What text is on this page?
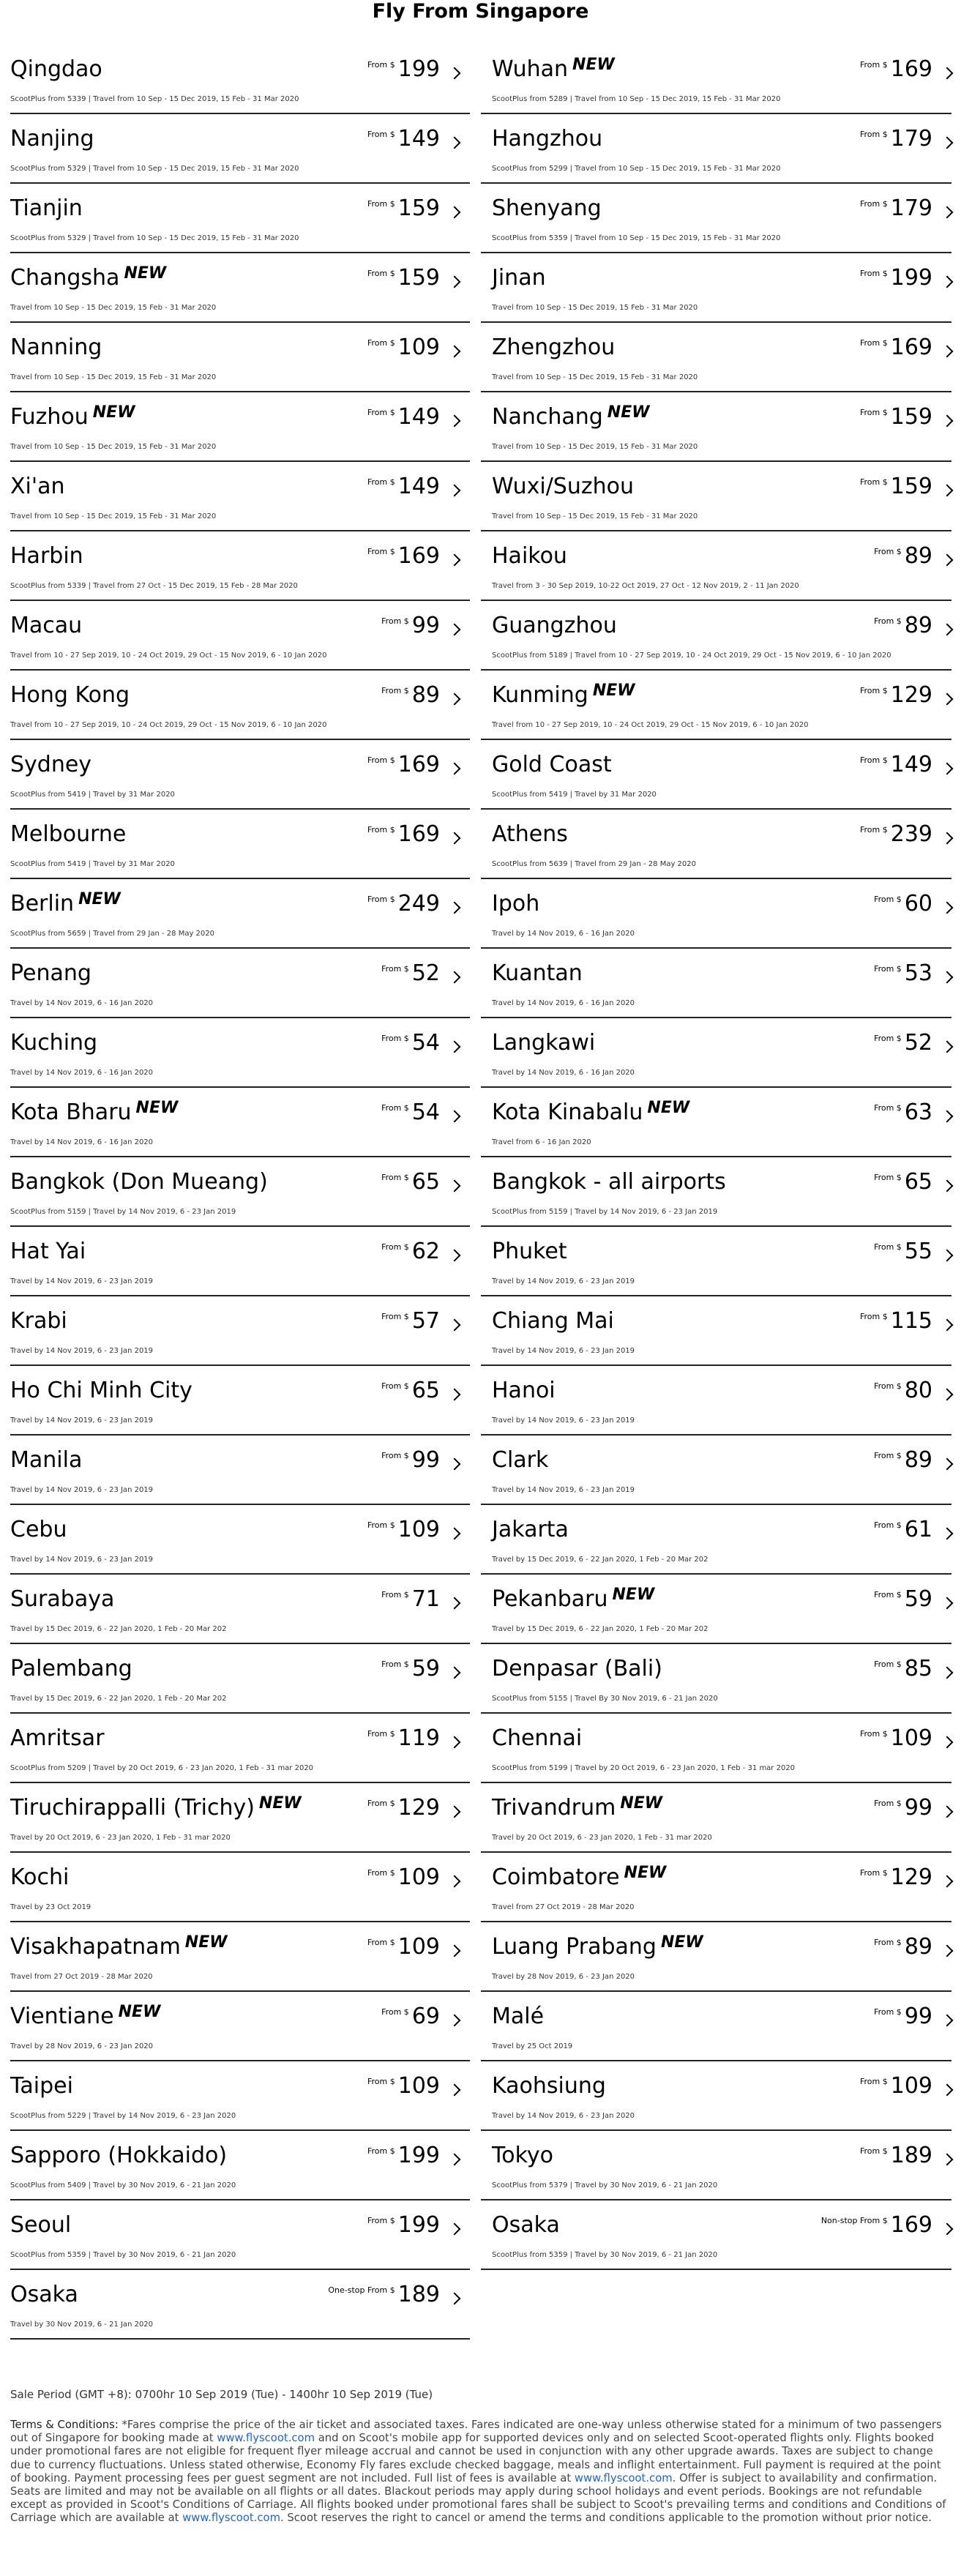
Fly From Singapore
Qingdao	From $ 199
ScootPlus from 5339 | Travel from 10 Sep - 15 Dec 2019, 15 Feb - 31 Mar 2020
Wuhan $^{NEW}$	From $ 169
ScootPlus from 5289 | Travel from 10 Sep - 15 Dec 2019, 15 Feb - 31 Mar 2020
Nanjing	From $ 149
ScootPlus from 5329 | Travel from 10 Sep - 15 Dec 2019, 15 Feb - 31 Mar 2020
Hangzhou	From $ 179
ScootPlus from 5299 | Travel from 10 Sep - 15 Dec 2019, 15 Feb - 31 Mar 2020
Tianjin	From $ 159
ScootPlus from 5329 | Travel from 10 Sep - 15 Dec 2019, 15 Feb - 31 Mar 2020
Shenyang	From $ 179
ScootPlus from 5359 | Travel from 10 Sep - 15 Dec 2019, 15 Feb - 31 Mar 2020
Changsha $^{NEW}$	From $ 159
Travel from 10 Sep - 15 Dec 2019, 15 Feb - 31 Mar 2020
Jinan	From $ 199
Travel from 10 Sep - 15 Dec 2019, 15 Feb - 31 Mar 2020
Nanning	From $ 109
Travel from 10 Sep - 15 Dec 2019, 15 Feb - 31 Mar 2020
Zhengzhou	From $ 169
Travel from 10 Sep - 15 Dec 2019, 15 Feb - 31 Mar 2020
Fuzhou $^{NEW}$	From $ 149
Travel from 10 Sep - 15 Dec 2019, 15 Feb - 31 Mar 2020
Nanchang $^{NEW}$	From $ 159
Travel from 10 Sep - 15 Dec 2019, 15 Feb - 31 Mar 2020
Xi'an	From $ 149
Travel from 10 Sep - 15 Dec 2019, 15 Feb - 31 Mar 2020
Wuxi/Suzhou	From $ 159
Travel from 10 Sep - 15 Dec 2019, 15 Feb - 31 Mar 2020
Harbin	From $ 169
ScootPlus from 5339 | Travel from 27 Oct - 15 Dec 2019, 15 Feb - 28 Mar 2020
Haikou	From $ 89
Travel from 3 - 30 Sep 2019, 10-22 Oct 2019, 27 Oct - 12 Nov 2019, 2 - 11 Jan 2020
Macau	From $ 99
Travel from 10 - 27 Sep 2019, 10 - 24 Oct 2019, 29 Oct - 15 Nov 2019, 6 - 10 Jan 2020
Guangzhou	From $ 89
ScootPlus from 5189 | Travel from 10 - 27 Sep 2019, 10 - 24 Oct 2019, 29 Oct - 15 Nov 2019, 6 - 10 Jan 2020
Hong Kong	From $ 89
Travel from 10 - 27 Sep 2019, 10 - 24 Oct 2019, 29 Oct - 15 Nov 2019, 6 - 10 Jan 2020
Kunming $^{NEW}$	From $ 129
Travel from 10 - 27 Sep 2019, 10 - 24 Oct 2019, 29 Oct - 15 Nov 2019, 6 - 10 Jan 2020
Sydney	From $ 169
ScootPlus from 5419 | Travel by 31 Mar 2020
Gold Coast	From $ 149
ScootPlus from 5419 | Travel by 31 Mar 2020
Melbourne	From $ 169
ScootPlus from 5419 | Travel by 31 Mar 2020
Athens	From $ 239
ScootPlus from 5639 | Travel from 29 Jan - 28 May 2020
Berlin $^{NEW}$	From $ 249
ScootPlus from 5659 | Travel from 29 Jan - 28 May 2020
Ipoh	From $ 60
Travel by 14 Nov 2019, 6 - 16 Jan 2020
Penang	From $ 52
Travel by 14 Nov 2019, 6 - 16 Jan 2020
Kuantan	From $ 53
Travel by 14 Nov 2019, 6 - 16 Jan 2020
Kuching	From $ 54
Travel by 14 Nov 2019, 6 - 16 Jan 2020
Langkawi	From $ 52
Travel by 14 Nov 2019, 6 - 16 Jan 2020
Kota Bharu $^{NEW}$	From $ 54
Travel by 14 Nov 2019, 6 - 16 Jan 2020
Kota Kinabalu $^{NEW}$	From $ 63
Travel from 6 - 16 Jan 2020
Bangkok (Don Mueang)	From $ 65
ScootPlus from 5159 | Travel by 14 Nov 2019, 6 - 23 Jan 2019
Bangkok - all airports	From $ 65
ScootPlus from 5159 | Travel by 14 Nov 2019, 6 - 23 Jan 2019
Hat Yai	From $ 62
Travel by 14 Nov 2019, 6 - 23 Jan 2019
Phuket	From $ 55
Travel by 14 Nov 2019, 6 - 23 Jan 2019
Krabi	From $ 57
Travel by 14 Nov 2019, 6 - 23 Jan 2019
Chiang Mai	From $ 115
Travel by 14 Nov 2019, 6 - 23 Jan 2019
Ho Chi Minh City	From $ 65
Travel by 14 Nov 2019, 6 - 23 Jan 2019
Hanoi	From $ 80
Travel by 14 Nov 2019, 6 - 23 Jan 2019
Manila	From $ 99
Travel by 14 Nov 2019, 6 - 23 Jan 2019
Clark	From $ 89
Travel by 14 Nov 2019, 6 - 23 Jan 2019
Cebu	From $ 109
Travel by 14 Nov 2019, 6 - 23 Jan 2019
Jakarta	From $ 61
Travel by 15 Dec 2019, 6 - 22 Jan 2020, 1 Feb - 20 Mar 202
Surabaya	From $ 71
Travel by 15 Dec 2019, 6 - 22 Jan 2020, 1 Feb - 20 Mar 202
Pekanbaru $^{NEW}$	From $ 59
Travel by 15 Dec 2019, 6 - 22 Jan 2020, 1 Feb - 20 Mar 202
Palembang	From $ 59
Travel by 15 Dec 2019, 6 - 22 Jan 2020, 1 Feb - 20 Mar 202
Denpasar (Bali)	From $ 85
ScootPlus from 5155 | Travel By 30 Nov 2019, 6 - 21 Jan 2020
Amritsar	From $ 119
ScootPlus from 5209 | Travel by 20 Oct 2019, 6 - 23 Jan 2020, 1 Feb - 31 mar 2020
Chennai	From $ 109
ScootPlus from 5199 | Travel by 20 Oct 2019, 6 - 23 Jan 2020, 1 Feb - 31 mar 2020
Tiruchirappalli (Trichy) $^{NEW}$	From $ 129
Travel by 20 Oct 2019, 6 - 23 Jan 2020, 1 Feb - 31 mar 2020
Trivandrum $^{NEW}$	From $ 99
Travel by 20 Oct 2019, 6 - 23 Jan 2020, 1 Feb - 31 mar 2020
Kochi	From $ 109
Travel by 23 Oct 2019
Coimbatore $^{NEW}$	From $ 129
Travel from 27 Oct 2019 - 28 Mar 2020
Visakhapatnam $^{NEW}$	From $ 109
Travel from 27 Oct 2019 - 28 Mar 2020
Luang Prabang $^{NEW}$	From $ 89
Travel by 28 Nov 2019, 6 - 23 Jan 2020
Vientiane $^{NEW}$	From $ 69
Travel by 28 Nov 2019, 6 - 23 Jan 2020
Malé	From $ 99
Travel by 25 Oct 2019
Taipei	From $ 109
ScootPlus from 5229 | Travel by 14 Nov 2019, 6 - 23 Jan 2020
Kaohsiung	From $ 109
Travel by 14 Nov 2019, 6 - 23 Jan 2020
Sapporo (Hokkaido)	From $ 199
ScootPlus from 5409 | Travel by 30 Nov 2019, 6 - 21 Jan 2020
Tokyo	From $ 189
ScootPlus from 5379 | Travel by 30 Nov 2019, 6 - 21 Jan 2020
Seoul	From $ 199
ScootPlus from 5359 | Travel by 30 Nov 2019, 6 - 21 Jan 2020
Osaka	Non-stop From $ 169
ScootPlus from 5359 | Travel by 30 Nov 2019, 6 - 21 Jan 2020
Osaka	One-stop From $ 189
Travel by 30 Nov 2019, 6 - 21 Jan 2020
Sale Period (GMT +8): 0700hr 10 Sep 2019 (Tue) - 1400hr 10 Sep 2019 (Tue)
Terms & Conditions: *Fares comprise the price of the air ticket and associated taxes. Fares indicated are one-way unless otherwise stated for a minimum of two passengers out of Singapore for booking made at www.flyscoot.com and on Scoot's mobile app for supported devices only and on selected Scoot-operated flights only. Flights booked under promotional fares are not eligible for frequent flyer mileage accrual and cannot be used in conjunction with any other upgrade awards. Taxes are subject to change due to currency fluctuations. Unless stated otherwise, Economy Fly fares exclude checked baggage, meals and inflight entertainment. Full payment is required at the point of booking. Payment processing fees per guest segment are not included. Full list of fees is available at www.flyscoot.com. Offer is subject to availability and confirmation. Seats are limited and may not be available on all flights or all dates. Blackout periods may apply during school holidays and event periods. Bookings are not refundable except as provided in Scoot's Conditions of Carriage. All flights booked under promotional fares shall be subject to Scoot's prevailing terms and conditions and Conditions of Carriage which are available at www.flyscoot.com. Scoot reserves the right to cancel or amend the terms and conditions applicable to the promotion without prior notice.
